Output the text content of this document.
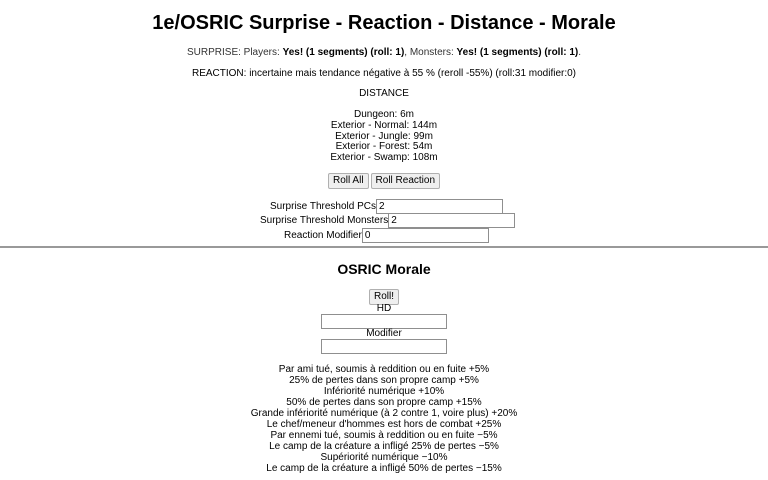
1e/OSRIC Surprise - Reaction - Distance - Morale
SURPRISE: Players: Yes! (1 segments) (roll: 1), Monsters: Yes! (1 segments) (roll: 1).
REACTION: incertaine mais tendance négative à 55 % (reroll -55%) (roll:31 modifier:0)
DISTANCE
Dungeon: 6m
Exterior - Normal: 144m
Exterior - Jungle: 99m
Exterior - Forest: 54m
Exterior - Swamp: 108m
Roll All Roll Reaction
Surprise Threshold PCs
2
Surprise Threshold Monsters
2
Reaction Modifier
0
OSRIC Morale
Roll!
HD
Modifier
Par ami tué, soumis à reddition ou en fuite +5%
25% de pertes dans son propre camp +5%
Infériorité numérique +10%
50% de pertes dans son propre camp +15%
Grande infériorité numérique (à 2 contre 1, voire plus) +20%
Le chef/meneur d'hommes est hors de combat +25%
Par ennemi tué, soumis à reddition ou en fuite −5%
Le camp de la créature a infligé 25% de pertes −5%
Supériorité numérique −10%
Le camp de la créature a infligé 50% de pertes −15%
